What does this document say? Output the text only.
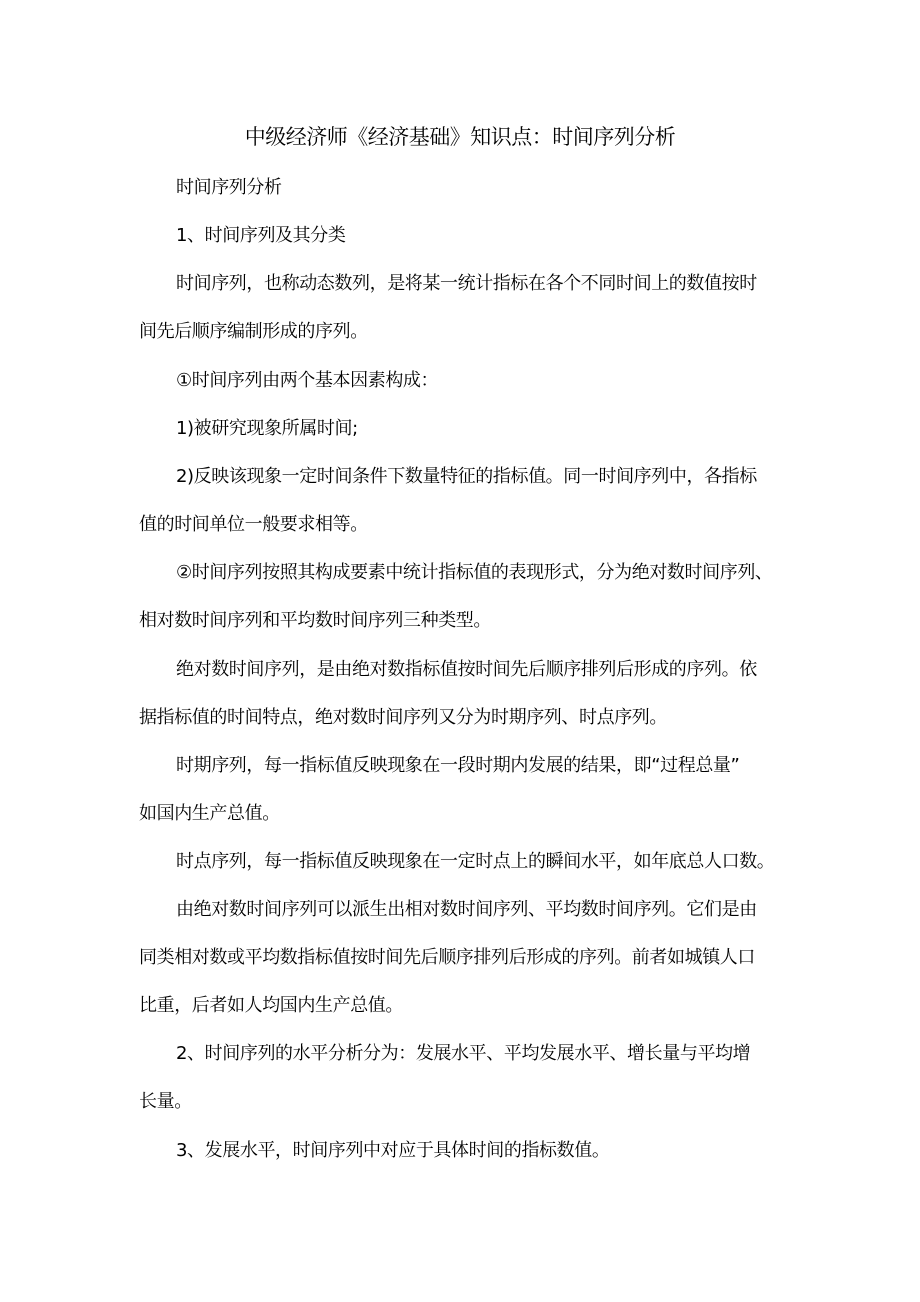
中级经济师《经济基础》知识点：时间序列分析
时间序列分析
1、时间序列及其分类
时间序列，也称动态数列，是将某一统计指标在各个不同时间上的数值按时
间先后顺序编制形成的序列。
①时间序列由两个基本因素构成：
1)被研究现象所属时间;
2)反映该现象一定时间条件下数量特征的指标值。同一时间序列中，各指标
值的时间单位一般要求相等。
②时间序列按照其构成要素中统计指标值的表现形式，分为绝对数时间序列、
相对数时间序列和平均数时间序列三种类型。
绝对数时间序列，是由绝对数指标值按时间先后顺序排列后形成的序列。依
据指标值的时间特点，绝对数时间序列又分为时期序列、时点序列。
时期序列，每一指标值反映现象在一段时期内发展的结果，即“过程总量”
如国内生产总值。
时点序列，每一指标值反映现象在一定时点上的瞬间水平，如年底总人口数。
由绝对数时间序列可以派生出相对数时间序列、平均数时间序列。它们是由
同类相对数或平均数指标值按时间先后顺序排列后形成的序列。前者如城镇人口
比重，后者如人均国内生产总值。
2、时间序列的水平分析分为：发展水平、平均发展水平、增长量与平均增
长量。
3、发展水平，时间序列中对应于具体时间的指标数值。
